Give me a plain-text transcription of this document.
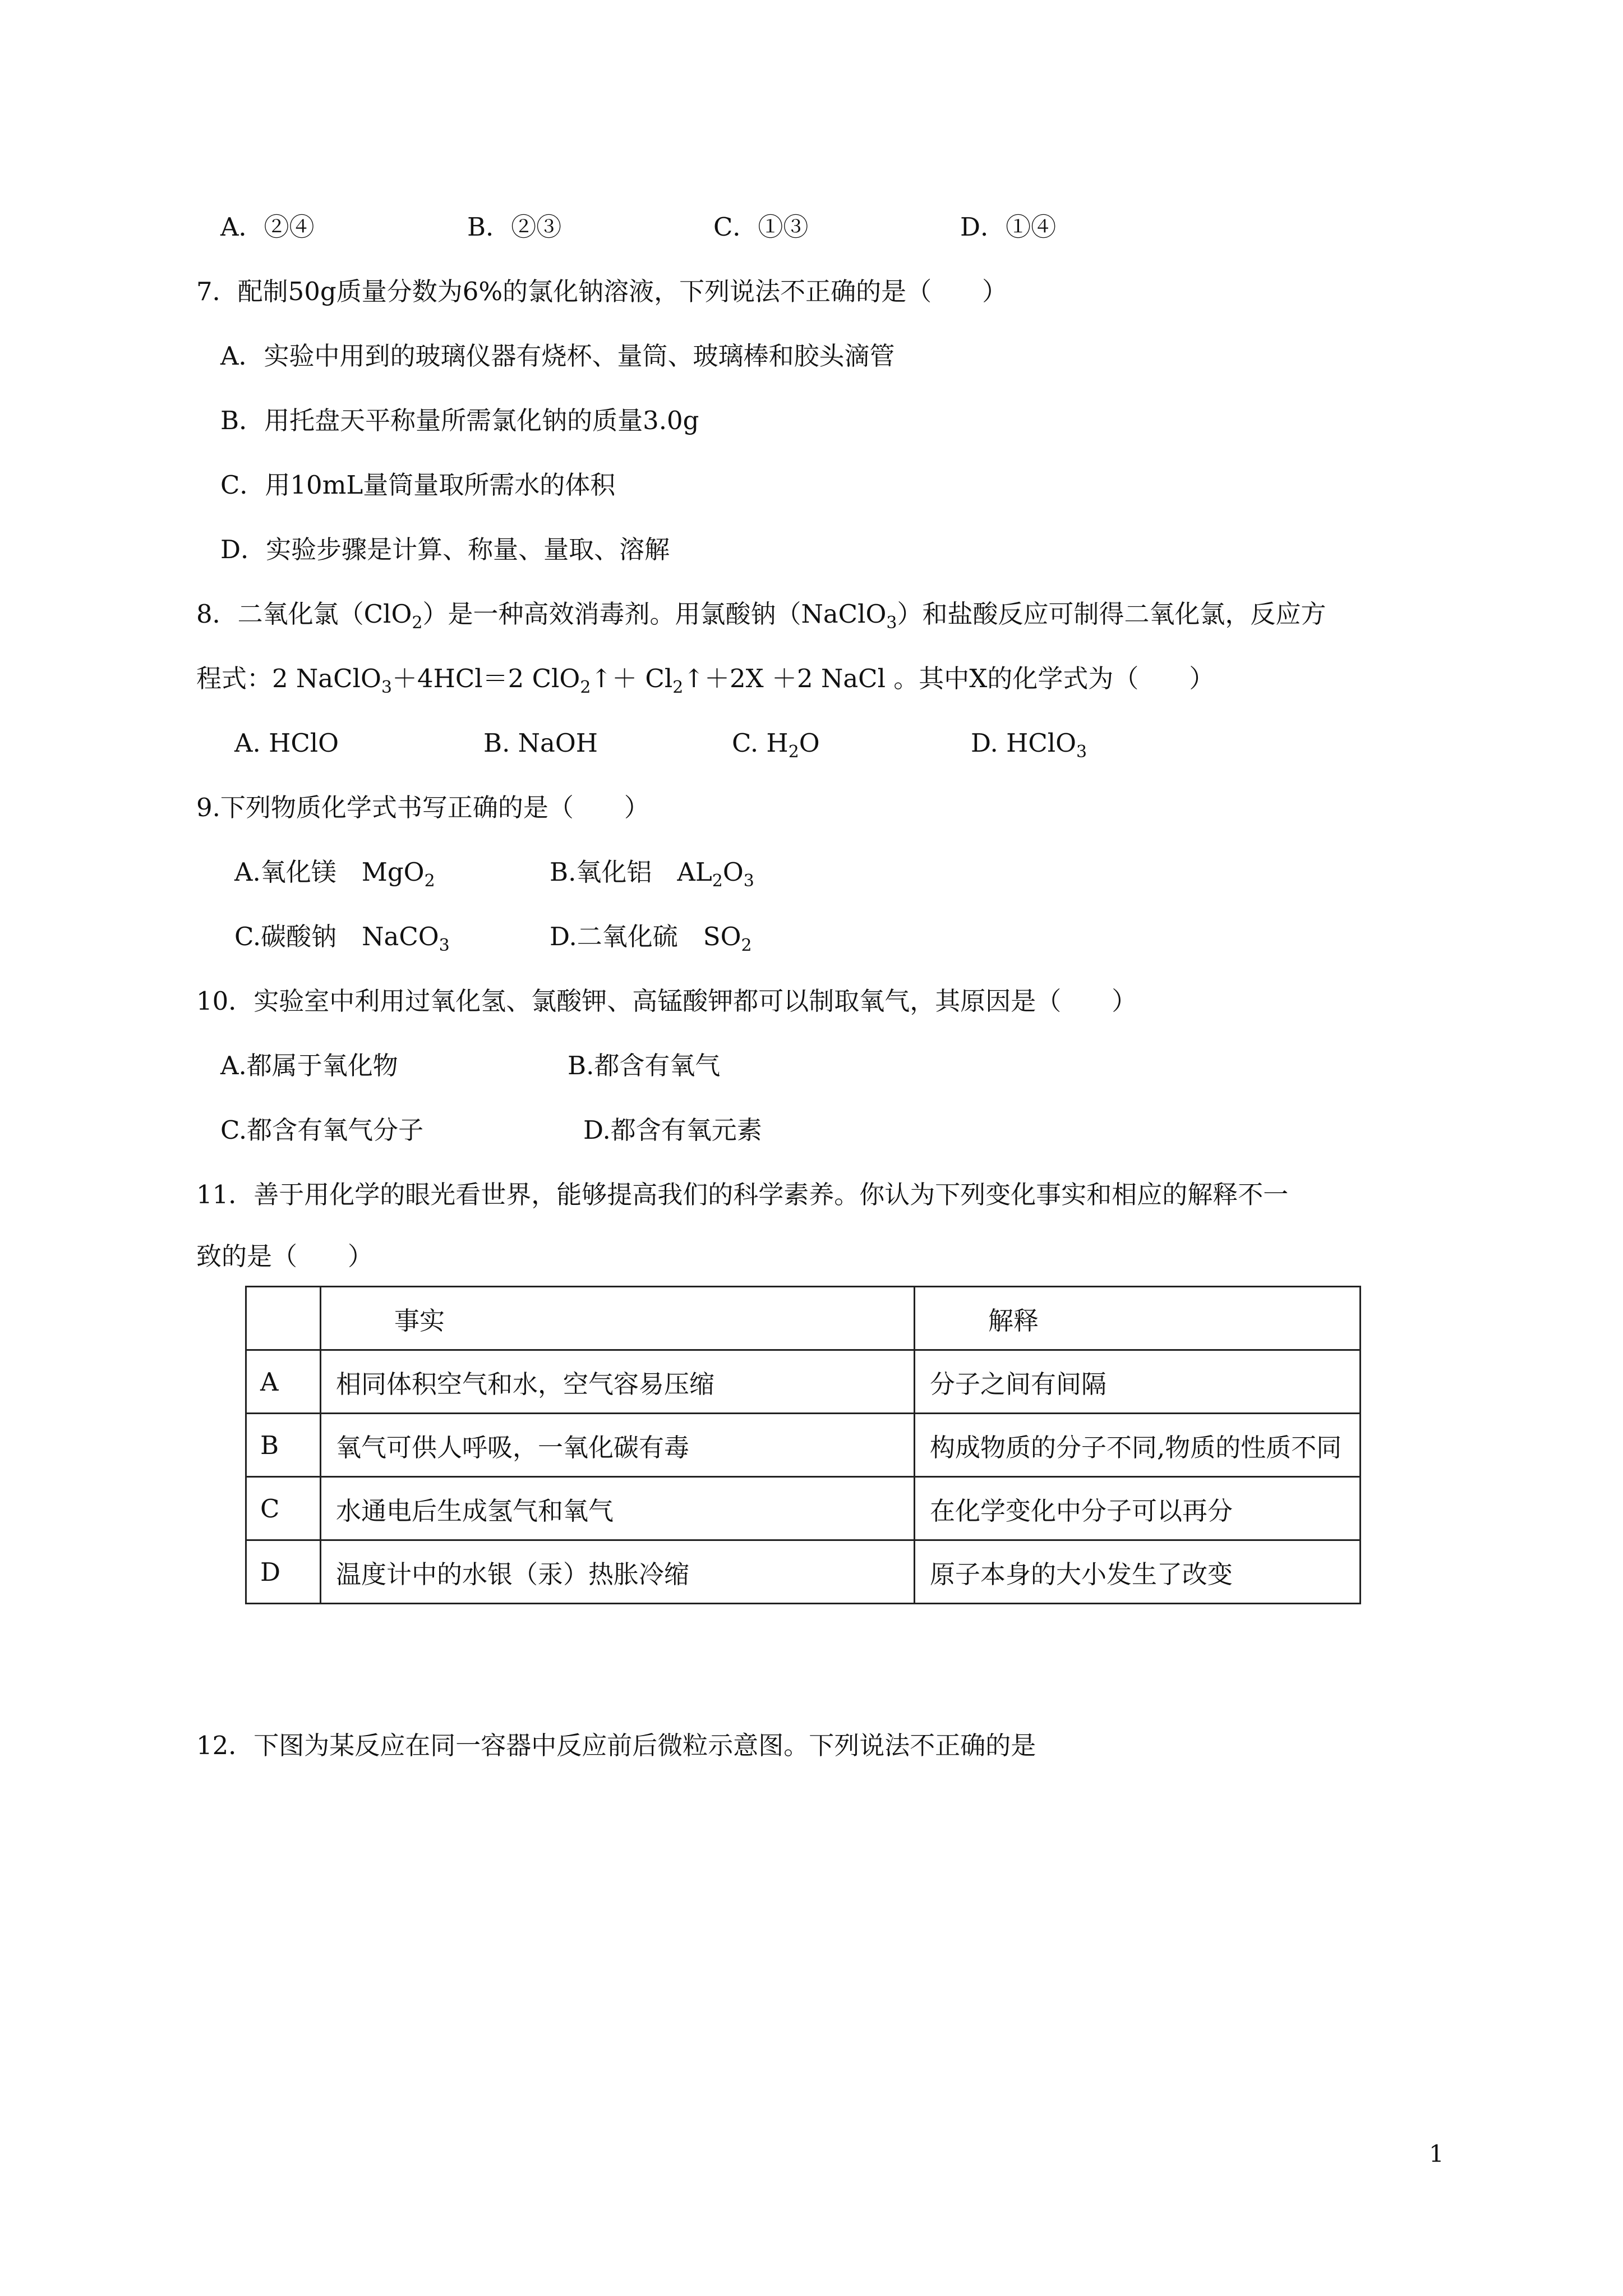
A．②④	B．②③	C．①③	D．①④
7．配制50g质量分数为6%的氯化钠溶液，下列说法不正确的是（　　）
A．实验中用到的玻璃仪器有烧杯、量筒、玻璃棒和胶头滴管
B．用托盘天平称量所需氯化钠的质量3.0g
C．用10mL量筒量取所需水的体积
D．实验步骤是计算、称量、量取、溶解
8．二氧化氯（ClO$_2$）是一种高效消毒剂。用氯酸钠（NaClO$_3$）和盐酸反应可制得二氧化氯，反应方
程式：2 NaClO$_3$＋4HCl＝2 ClO$_2$↑＋ $Cl_2↑+2X +2$ NaCl 。其中X的化学式为（　　）
A. HClO	B. NaOH	C. $H_2O$	D. HClO$_3$
9.下列物质化学式书写正确的是（　　）
A.氧化镁　MgO$_2$	B.氧化铝　$AL_2O_3$
C.碳酸钠　NaCO$_3$	D.二氧化硫　$SO_2$
10．实验室中利用过氧化氢、氯酸钾、高锰酸钾都可以制取氧气，其原因是（　　）
A.都属于氧化物	B.都含有氧气
C.都含有氧气分子	D.都含有氧元素
11．善于用化学的眼光看世界，能够提高我们的科学素养。你认为下列变化事实和相应的解释不一
致的是（　　）
	事实	解释
A	相同体积空气和水，空气容易压缩	分子之间有间隔
B	氧气可供人呼吸，一氧化碳有毒	构成物质的分子不同,物质的性质不同
C	水通电后生成氢气和氧气	在化学变化中分子可以再分
D	温度计中的水银（汞）热胀冷缩	原子本身的大小发生了改变
12．下图为某反应在同一容器中反应前后微粒示意图。下列说法不正确的是
1
